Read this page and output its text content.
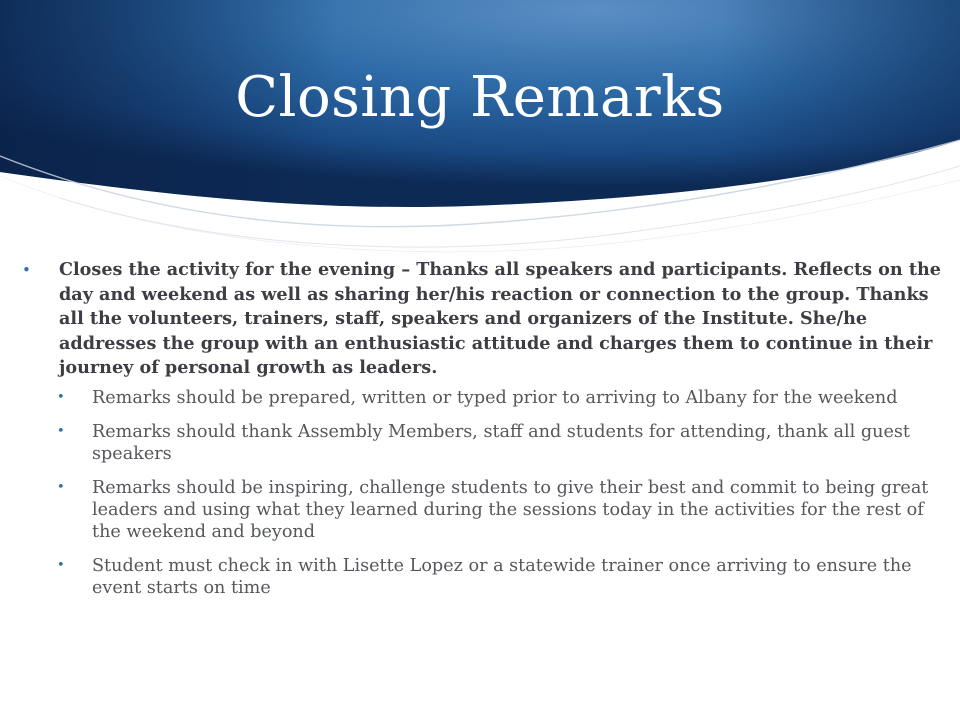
Closing Remarks
• Closes the activity for the evening – Thanks all speakers and participants. Reflects on the day and weekend as well as sharing her/his reaction or connection to the group. Thanks all the volunteers, trainers, staff, speakers and organizers of the Institute. She/he addresses the group with an enthusiastic attitude and charges them to continue in their journey of personal growth as leaders.
• Remarks should be prepared, written or typed prior to arriving to Albany for the weekend
• Remarks should thank Assembly Members, staff and students for attending, thank all guest speakers
• Remarks should be inspiring, challenge students to give their best and commit to being great leaders and using what they learned during the sessions today in the activities for the rest of the weekend and beyond
• Student must check in with Lisette Lopez or a statewide trainer once arriving to ensure the event starts on time
